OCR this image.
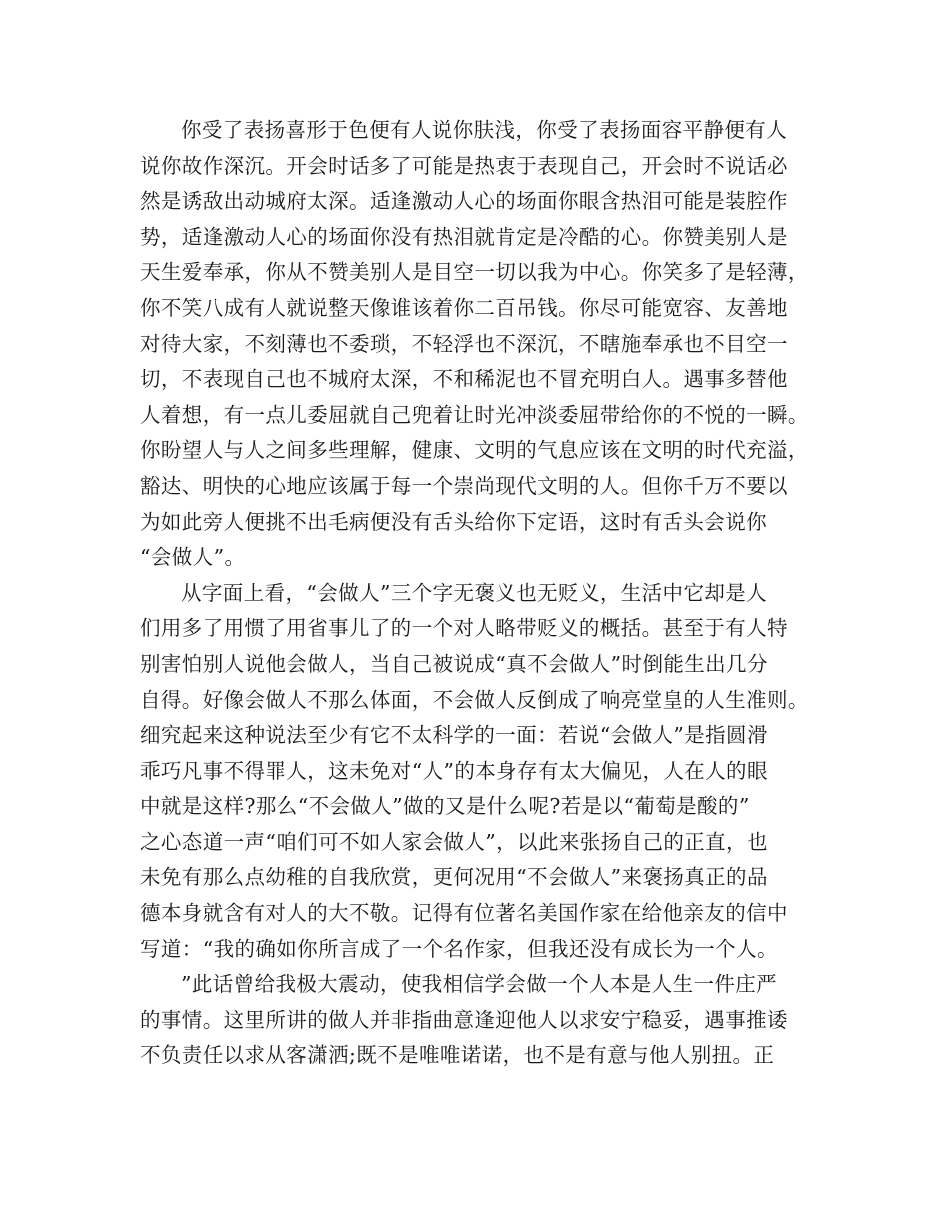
你受了表扬喜形于色便有人说你肤浅，你受了表扬面容平静便有人
说你故作深沉。开会时话多了可能是热衷于表现自己，开会时不说话必
然是诱敌出动城府太深。适逢激动人心的场面你眼含热泪可能是装腔作
势，适逢激动人心的场面你没有热泪就肯定是冷酷的心。你赞美别人是
天生爱奉承，你从不赞美别人是目空一切以我为中心。你笑多了是轻薄，
你不笑八成有人就说整天像谁该着你二百吊钱。你尽可能宽容、友善地
对待大家，不刻薄也不委琐，不轻浮也不深沉，不瞎施奉承也不目空一
切，不表现自己也不城府太深，不和稀泥也不冒充明白人。遇事多替他
人着想，有一点儿委屈就自己兜着让时光冲淡委屈带给你的不悦的一瞬。
你盼望人与人之间多些理解，健康、文明的气息应该在文明的时代充溢，
豁达、明快的心地应该属于每一个崇尚现代文明的人。但你千万不要以
为如此旁人便挑不出毛病便没有舌头给你下定语，这时有舌头会说你
“会做人”。
从字面上看，“会做人”三个字无褒义也无贬义，生活中它却是人
们用多了用惯了用省事儿了的一个对人略带贬义的概括。甚至于有人特
别害怕别人说他会做人，当自己被说成“真不会做人”时倒能生出几分
自得。好像会做人不那么体面，不会做人反倒成了响亮堂皇的人生准则。
细究起来这种说法至少有它不太科学的一面：若说“会做人”是指圆滑
乖巧凡事不得罪人，这未免对“人”的本身存有太大偏见，人在人的眼
中就是这样?那么“不会做人”做的又是什么呢?若是以“葡萄是酸的”
之心态道一声“咱们可不如人家会做人”，以此来张扬自己的正直，也
未免有那么点幼稚的自我欣赏，更何况用“不会做人”来褒扬真正的品
德本身就含有对人的大不敬。记得有位著名美国作家在给他亲友的信中
写道：“我的确如你所言成了一个名作家，但我还没有成长为一个人。
”此话曾给我极大震动，使我相信学会做一个人本是人生一件庄严
的事情。这里所讲的做人并非指曲意逢迎他人以求安宁稳妥，遇事推诿
不负责任以求从客潇洒;既不是唯唯诺诺，也不是有意与他人别扭。正
